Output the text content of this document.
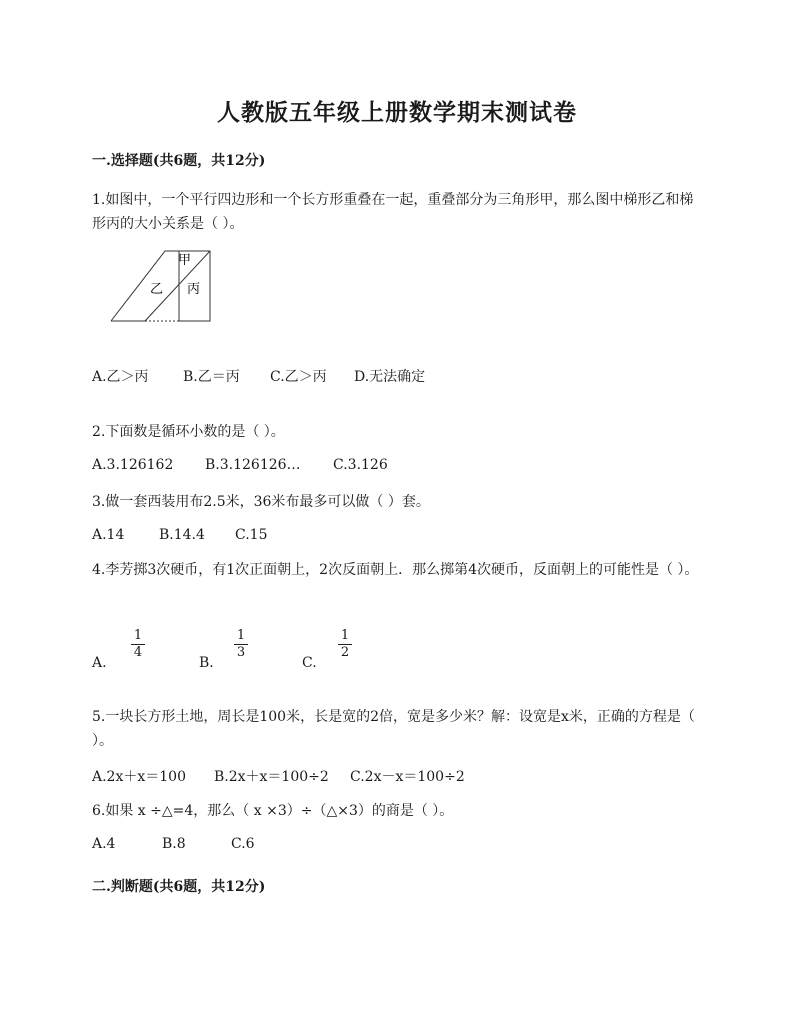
人教版五年级上册数学期末测试卷
一.选择题(共6题，共12分)
1.如图中，一个平行四边形和一个长方形重叠在一起，重叠部分为三角形甲，那么图中梯形乙和梯形丙的大小关系是（ ）。
甲
乙 丙
A.乙＞丙 B.乙＝丙 C.乙＞丙 D.无法确定
2.下面数是循环小数的是（ ）。
A.3.126162 B.3.126126… C.3.126
3.做一套西装用布2.5米，36米布最多可以做（ ）套。
A.14 B.14.4 C.15
4.李芳掷3次硬币，有1次正面朝上，2次反面朝上．那么掷第4次硬币，反面朝上的可能性是（ ）。
A.
1
4
B.
1
3
C.
1
2
5.一块长方形土地，周长是100米，长是宽的2倍，宽是多少米？解：设宽是x米，正确的方程是（ ）。
A.2x＋x＝100 B.2x＋x＝100÷2 C.2x－x＝100÷2
6.如果 x ÷△=4，那么（ x ×3）÷（△×3）的商是（ ）。
A.4	B.8	C.6
二.判断题(共6题，共12分)
